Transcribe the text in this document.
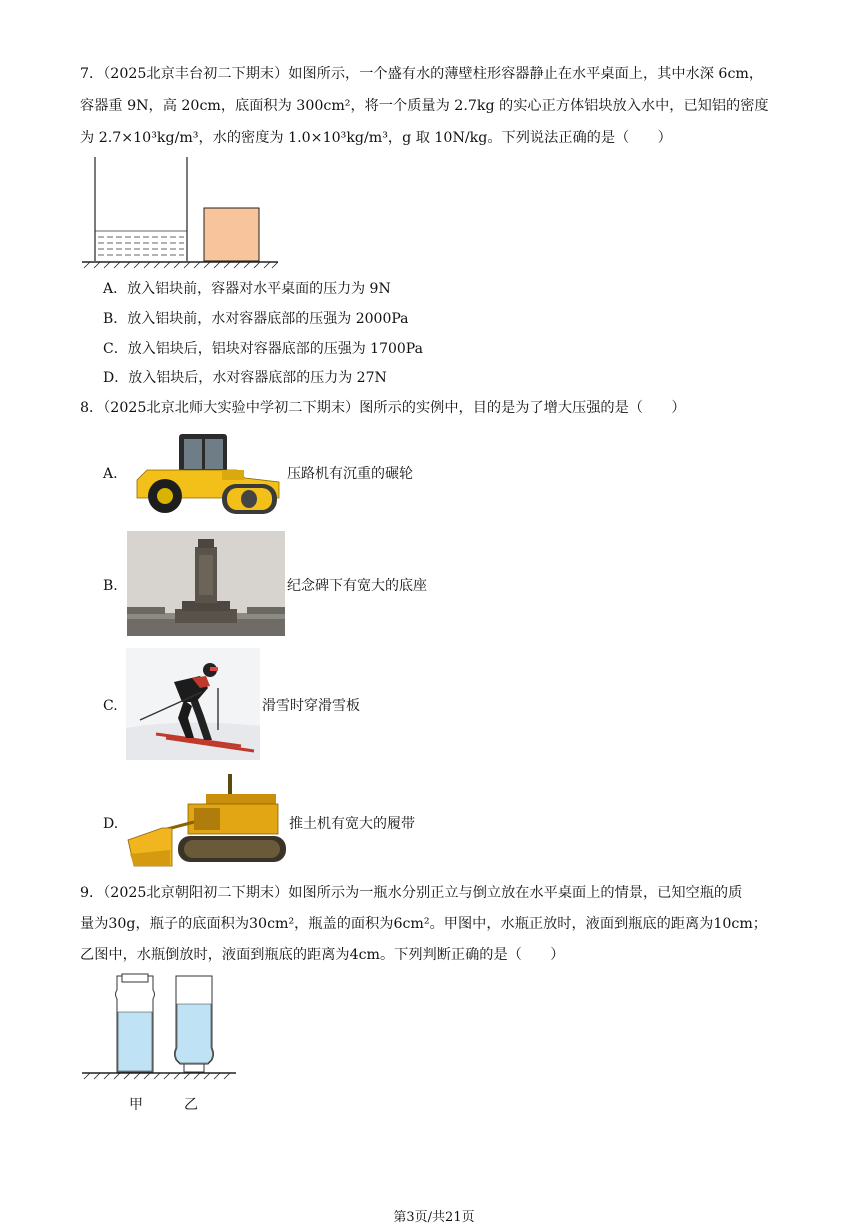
7．（2025北京丰台初二下期末）如图所示，一个盛有水的薄壁柱形容器静止在水平桌面上，其中水深 6cm，
容器重 9N，高 20cm，底面积为 300cm²，将一个质量为 2.7kg 的实心正方体铝块放入水中，已知铝的密度
为 2.7×10³kg/m³，水的密度为 1.0×10³kg/m³，g 取 10N/kg。下列说法正确的是（　　）
A．放入铝块前，容器对水平桌面的压力为 9N
B．放入铝块前，水对容器底部的压强为 2000Pa
C．放入铝块后，铝块对容器底部的压强为 1700Pa
D．放入铝块后，水对容器底部的压力为 27N
8．（2025北京北师大实验中学初二下期末）图所示的实例中，目的是为了增大压强的是（　　）
A.	压路机有沉重的碾轮
B.	纪念碑下有宽大的底座
C.	滑雪时穿滑雪板
D.	推土机有宽大的履带
9．（2025北京朝阳初二下期末）如图所示为一瓶水分别正立与倒立放在水平桌面上的情景，已知空瓶的质
量为30g，瓶子的底面积为30cm²，瓶盖的面积为6cm²。甲图中，水瓶正放时，液面到瓶底的距离为10cm；
乙图中，水瓶倒放时，液面到瓶底的距离为4cm。下列判断正确的是（　　）
甲	乙
第3页/共21页
